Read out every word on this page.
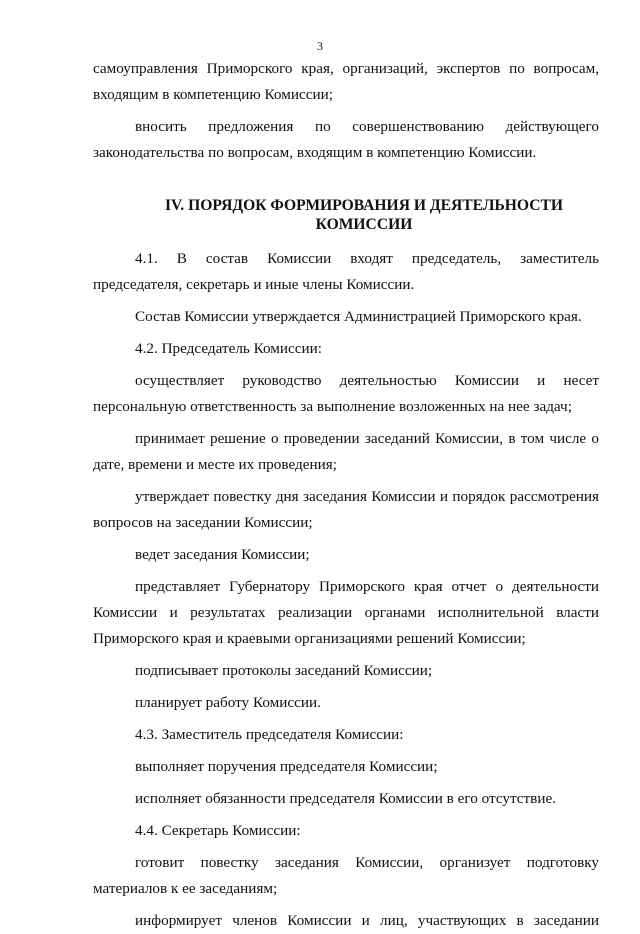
3

самоуправления Приморского края, организаций, экспертов по вопросам, входящим в компетенцию Комиссии;

вносить предложения по совершенствованию действующего законодательства по вопросам, входящим в компетенцию Комиссии.

IV. ПОРЯДОК ФОРМИРОВАНИЯ И ДЕЯТЕЛЬНОСТИ
КОМИССИИ

4.1. В состав Комиссии входят председатель, заместитель председателя, секретарь и иные члены Комиссии.

Состав Комиссии утверждается Администрацией Приморского края.

4.2. Председатель Комиссии:

осуществляет руководство деятельностью Комиссии и несет персональную ответственность за выполнение возложенных на нее задач;

принимает решение о проведении заседаний Комиссии, в том числе о дате, времени и месте их проведения;

утверждает повестку дня заседания Комиссии и порядок рассмотрения вопросов на заседании Комиссии;

ведет заседания Комиссии;

представляет Губернатору Приморского края отчет о деятельности Комиссии и результатах реализации органами исполнительной власти Приморского края и краевыми организациями решений Комиссии;

подписывает протоколы заседаний Комиссии;

планирует работу Комиссии.

4.3. Заместитель председателя Комиссии:

выполняет поручения председателя Комиссии;

исполняет обязанности председателя Комиссии в его отсутствие.

4.4. Секретарь Комиссии:

готовит повестку заседания Комиссии, организует подготовку материалов к ее заседаниям;

информирует членов Комиссии и лиц, участвующих в заседании
